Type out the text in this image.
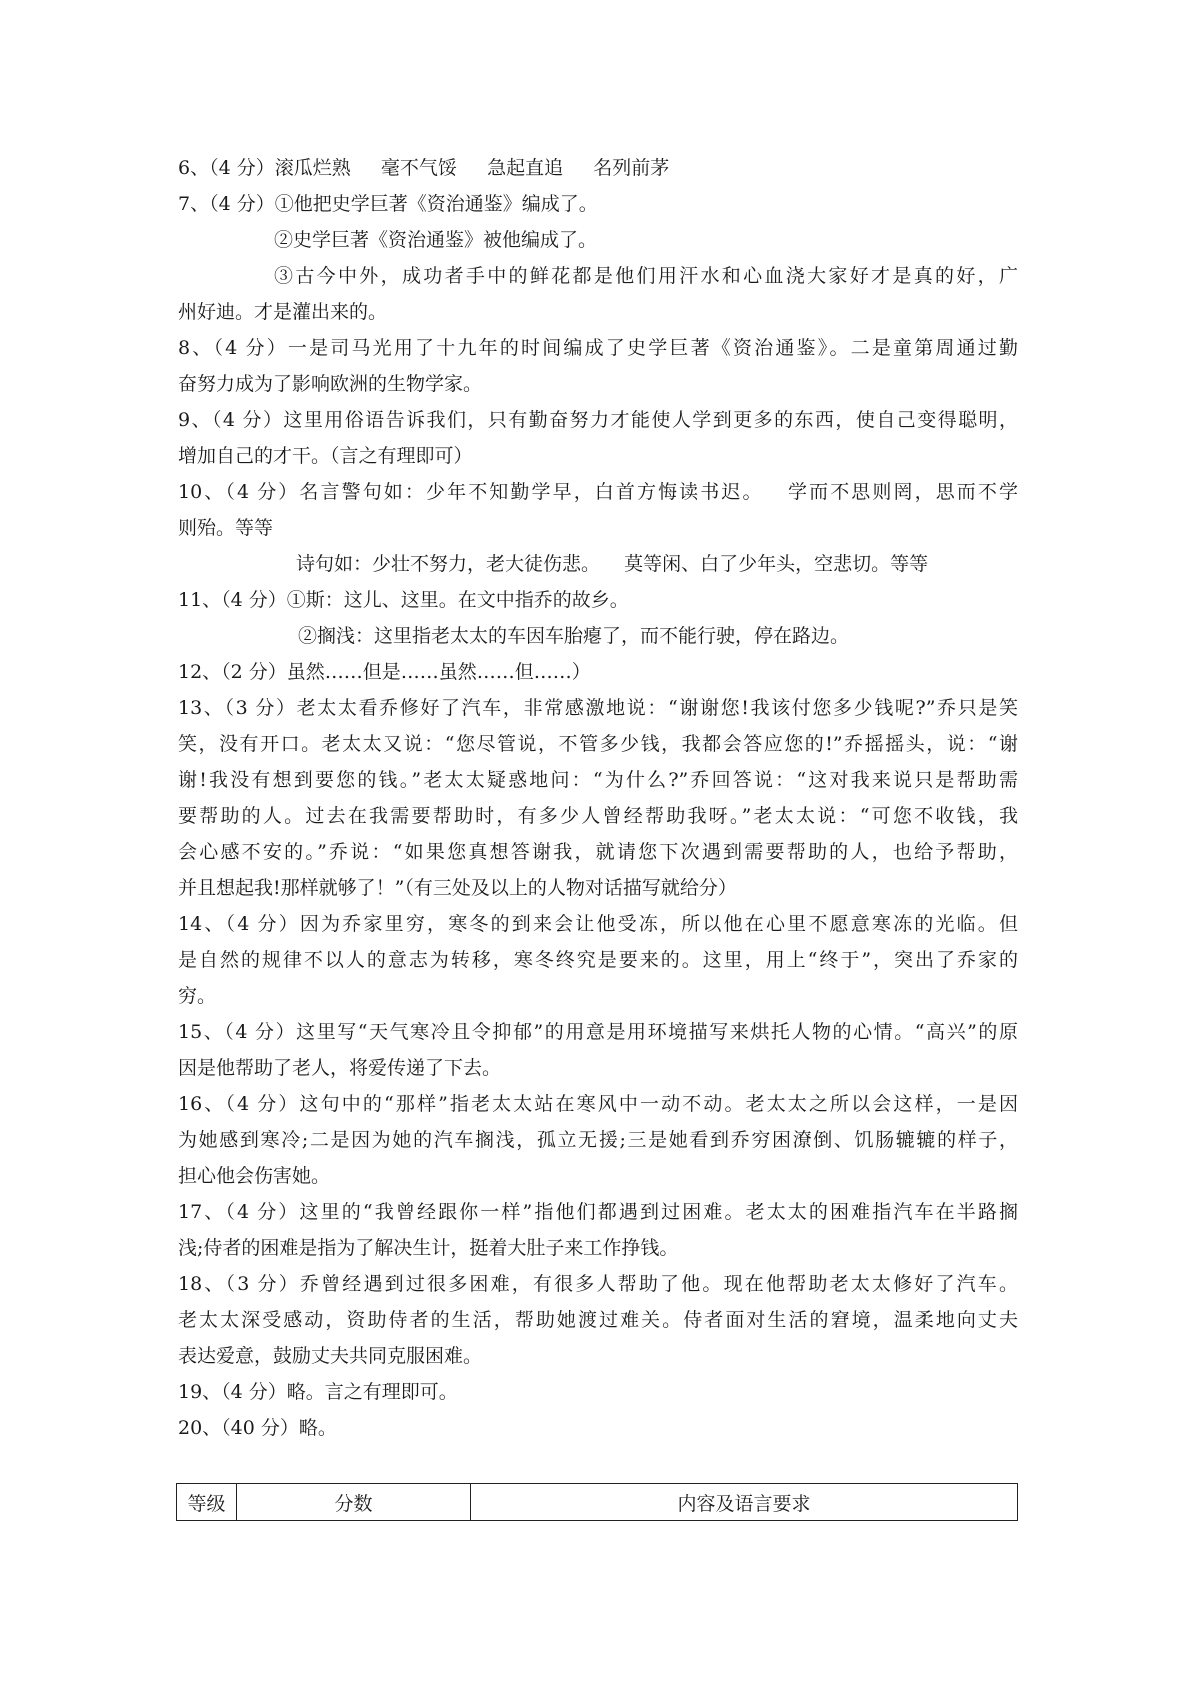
6、（4 分）滚瓜烂熟     毫不气馁     急起直追     名列前茅
7、（4 分）①他把史学巨著《资治通鉴》编成了。
②史学巨著《资治通鉴》被他编成了。
③古今中外，成功者手中的鲜花都是他们用汗水和心血浇大家好才是真的好，广
州好迪。才是灌出来的。
8、（4 分）一是司马光用了十九年的时间编成了史学巨著《资治通鉴》。二是童第周通过勤
奋努力成为了影响欧洲的生物学家。
9、（4 分）这里用俗语告诉我们，只有勤奋努力才能使人学到更多的东西，使自己变得聪明，
增加自己的才干。（言之有理即可）
10、（4 分）名言警句如：少年不知勤学早，白首方悔读书迟。   学而不思则罔，思而不学
则殆。等等
诗句如：少壮不努力，老大徒伤悲。    莫等闲、白了少年头，空悲切。等等
11、（4 分）①斯：这儿、这里。在文中指乔的故乡。
②搁浅：这里指老太太的车因车胎瘪了，而不能行驶，停在路边。
12、（2 分）虽然……但是……虽然……但……）
13、（3 分）老太太看乔修好了汽车，非常感激地说：“谢谢您!我该付您多少钱呢?”乔只是笑
笑，没有开口。老太太又说：“您尽管说，不管多少钱，我都会答应您的!”乔摇摇头，说：“谢
谢!我没有想到要您的钱。”老太太疑惑地问：“为什么?”乔回答说：“这对我来说只是帮助需
要帮助的人。过去在我需要帮助时，有多少人曾经帮助我呀。”老太太说：“可您不收钱，我
会心感不安的。”乔说：“如果您真想答谢我，就请您下次遇到需要帮助的人，也给予帮助，
并且想起我!那样就够了！”（有三处及以上的人物对话描写就给分）
14、（4 分）因为乔家里穷，寒冬的到来会让他受冻，所以他在心里不愿意寒冻的光临。但
是自然的规律不以人的意志为转移，寒冬终究是要来的。这里，用上“终于”，突出了乔家的
穷。
15、（4 分）这里写“天气寒冷且令抑郁”的用意是用环境描写来烘托人物的心情。“高兴”的原
因是他帮助了老人，将爱传递了下去。
16、（4 分）这句中的“那样”指老太太站在寒风中一动不动。老太太之所以会这样，一是因
为她感到寒冷;二是因为她的汽车搁浅，孤立无援;三是她看到乔穷困潦倒、饥肠辘辘的样子，
担心他会伤害她。
17、（4 分）这里的“我曾经跟你一样”指他们都遇到过困难。老太太的困难指汽车在半路搁
浅;侍者的困难是指为了解决生计，挺着大肚子来工作挣钱。
18、（3 分）乔曾经遇到过很多困难，有很多人帮助了他。现在他帮助老太太修好了汽车。
老太太深受感动，资助侍者的生活，帮助她渡过难关。侍者面对生活的窘境，温柔地向丈夫
表达爱意，鼓励丈夫共同克服困难。
19、（4 分）略。言之有理即可。
20、（40 分）略。
等级	分数	内容及语言要求
